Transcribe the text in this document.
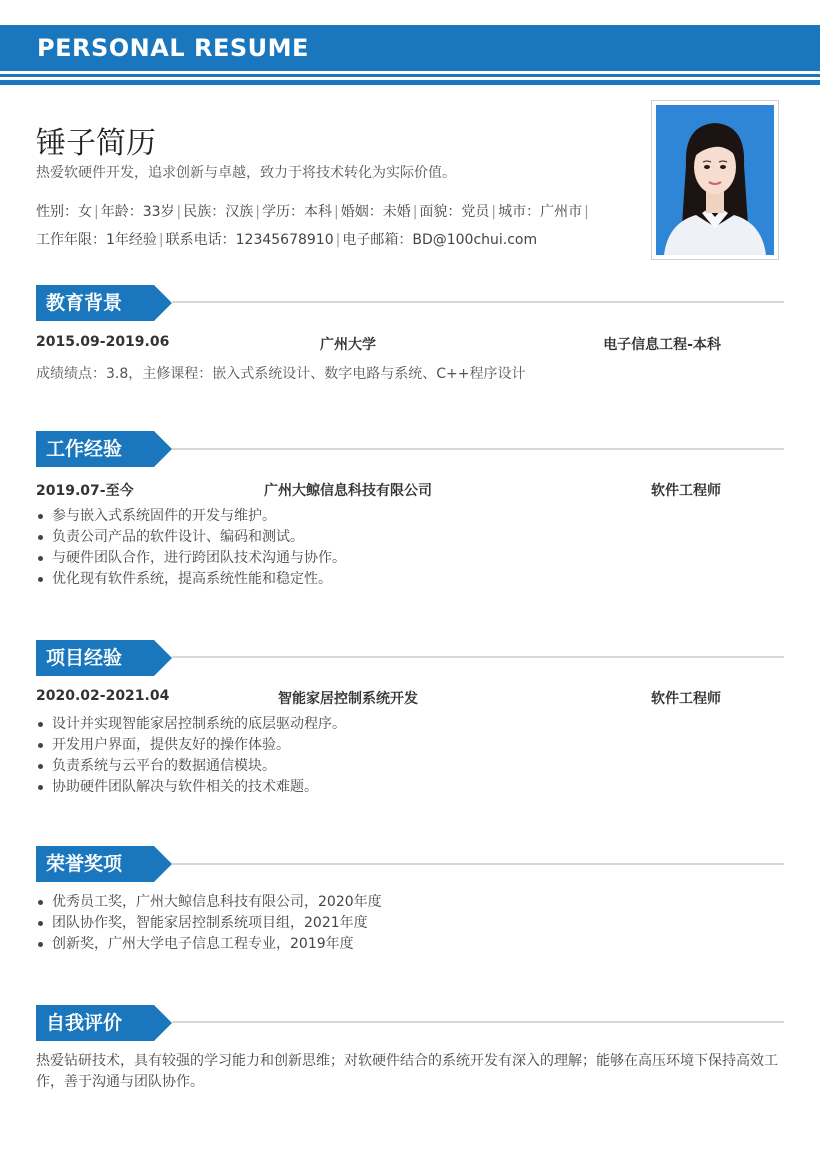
PERSONAL RESUME
锤子简历
热爱软硬件开发，追求创新与卓越，致力于将技术转化为实际价值。
性别：女 | 年龄：33岁 | 民族：汉族 | 学历：本科 | 婚姻：未婚 | 面貌：党员 | 城市：广州市 |
工作年限：1年经验 | 联系电话：12345678910 | 电子邮箱：BD@100chui.com
教育背景
2015.09-2019.06	广州大学	电子信息工程-本科
成绩绩点：3.8，主修课程：嵌入式系统设计、数字电路与系统、C++程序设计
工作经验
2019.07-至今	广州大鲸信息科技有限公司	软件工程师
参与嵌入式系统固件的开发与维护。
负责公司产品的软件设计、编码和测试。
与硬件团队合作，进行跨团队技术沟通与协作。
优化现有软件系统，提高系统性能和稳定性。
项目经验
2020.02-2021.04	智能家居控制系统开发	软件工程师
设计并实现智能家居控制系统的底层驱动程序。
开发用户界面，提供友好的操作体验。
负责系统与云平台的数据通信模块。
协助硬件团队解决与软件相关的技术难题。
荣誉奖项
优秀员工奖，广州大鲸信息科技有限公司，2020年度
团队协作奖，智能家居控制系统项目组，2021年度
创新奖，广州大学电子信息工程专业，2019年度
自我评价
热爱钻研技术，具有较强的学习能力和创新思维；对软硬件结合的系统开发有深入的理解；能够在高压环境下保持高效工作，善于沟通与团队协作。
